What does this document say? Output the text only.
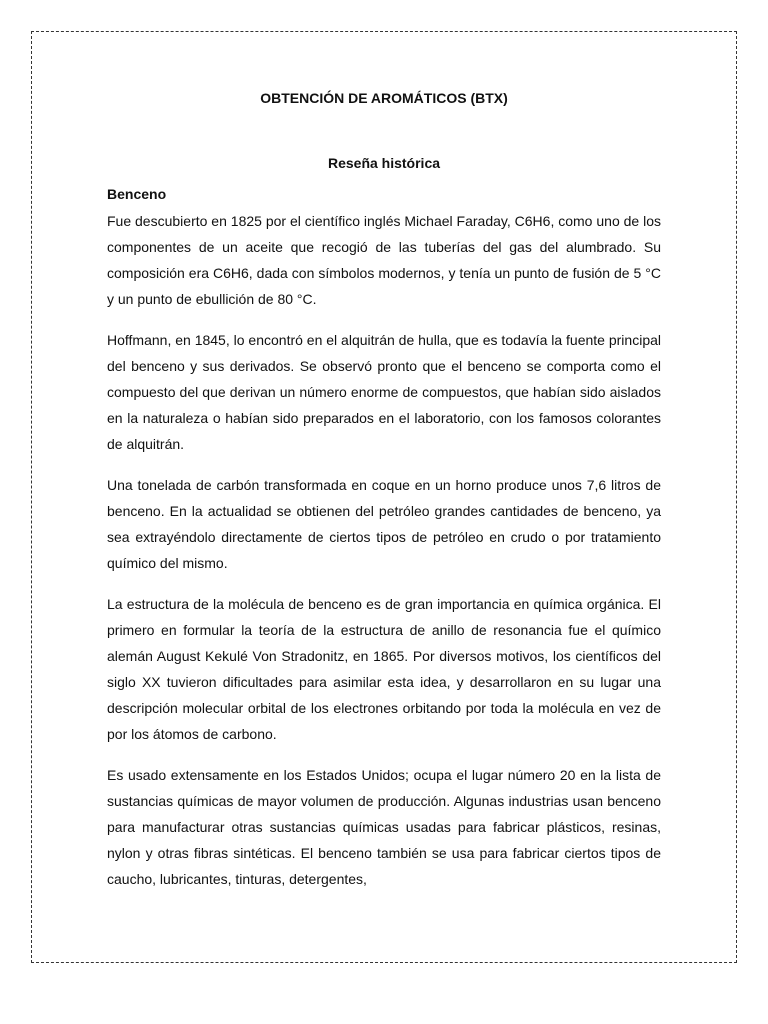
OBTENCIÓN DE AROMÁTICOS (BTX)
Reseña histórica
Benceno

Fue descubierto en 1825 por el científico inglés Michael Faraday, C6H6, como uno de los componentes de un aceite que recogió de las tuberías del gas del alumbrado. Su composición era C6H6, dada con símbolos modernos, y tenía un punto de fusión de 5 °C y un punto de ebullición de 80 °C.

Hoffmann, en 1845, lo encontró en el alquitrán de hulla, que es todavía la fuente principal del benceno y sus derivados. Se observó pronto que el benceno se comporta como el compuesto del que derivan un número enorme de compuestos, que habían sido aislados en la naturaleza o habían sido preparados en el laboratorio, con los famosos colorantes de alquitrán.

Una tonelada de carbón transformada en coque en un horno produce unos 7,6 litros de benceno. En la actualidad se obtienen del petróleo grandes cantidades de benceno, ya sea extrayéndolo directamente de ciertos tipos de petróleo en crudo o por tratamiento químico del mismo.

La estructura de la molécula de benceno es de gran importancia en química orgánica. El primero en formular la teoría de la estructura de anillo de resonancia fue el químico alemán August Kekulé Von Stradonitz, en 1865. Por diversos motivos, los científicos del siglo XX tuvieron dificultades para asimilar esta idea, y desarrollaron en su lugar una descripción molecular orbital de los electrones orbitando por toda la molécula en vez de por los átomos de carbono.

Es usado extensamente en los Estados Unidos; ocupa el lugar número 20 en la lista de sustancias químicas de mayor volumen de producción. Algunas industrias usan benceno para manufacturar otras sustancias químicas usadas para fabricar plásticos, resinas, nylon y otras fibras sintéticas. El benceno también se usa para fabricar ciertos tipos de caucho, lubricantes, tinturas, detergentes,
